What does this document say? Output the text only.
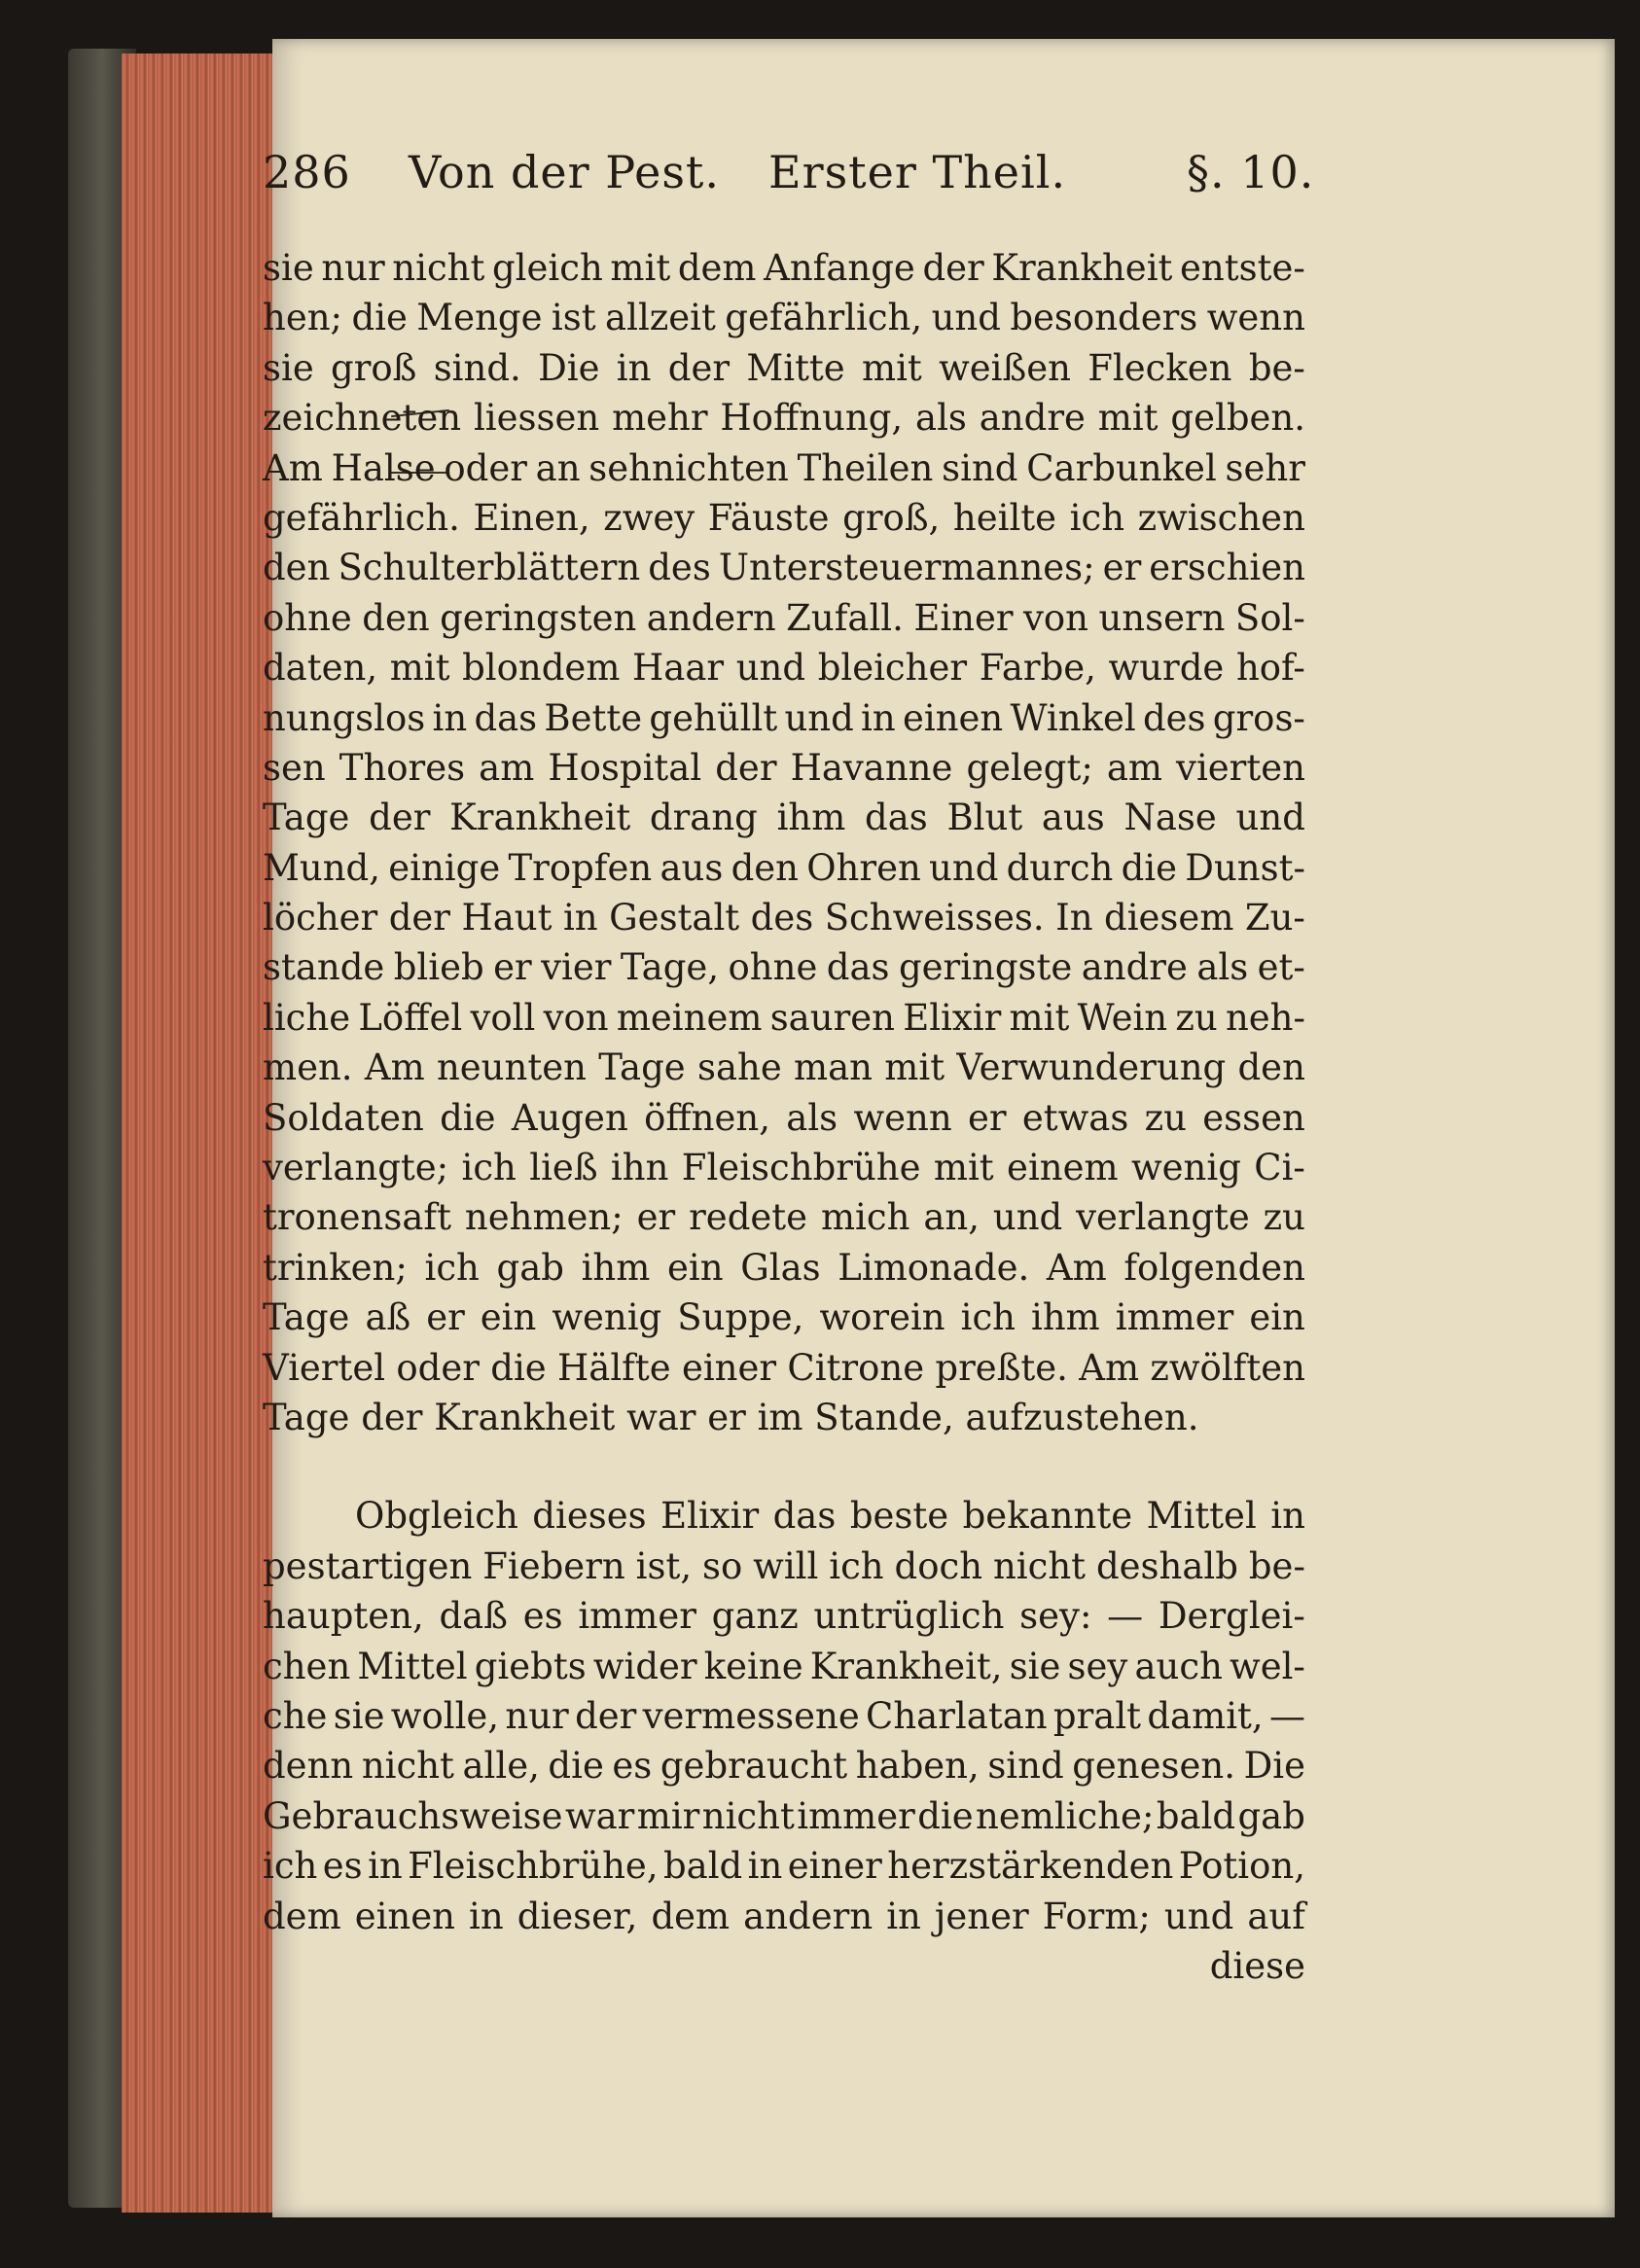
286 Von der Pest. Erster Theil.	§. 10.
sie nur nicht gleich mit dem Anfange der Krankheit entste-
hen; die Menge ist allzeit gefährlich, und besonders wenn
sie groß sind. Die in der Mitte mit weißen Flecken be-
zeichneten liessen mehr Hoffnung, als andre mit gelben.
Am Halse oder an sehnichten Theilen sind Carbunkel sehr
gefährlich. Einen, zwey Fäuste groß, heilte ich zwischen
den Schulterblättern des Untersteuermannes; er erschien
ohne den geringsten andern Zufall. Einer von unsern Sol-
daten, mit blondem Haar und bleicher Farbe, wurde hof-
nungslos in das Bette gehüllt und in einen Winkel des gros-
sen Thores am Hospital der Havanne gelegt; am vierten
Tage der Krankheit drang ihm das Blut aus Nase und
Mund, einige Tropfen aus den Ohren und durch die Dunst-
löcher der Haut in Gestalt des Schweisses. In diesem Zu-
stande blieb er vier Tage, ohne das geringste andre als et-
liche Löffel voll von meinem sauren Elixir mit Wein zu neh-
men. Am neunten Tage sahe man mit Verwunderung den
Soldaten die Augen öffnen, als wenn er etwas zu essen
verlangte; ich ließ ihn Fleischbrühe mit einem wenig Ci-
tronensaft nehmen; er redete mich an, und verlangte zu
trinken; ich gab ihm ein Glas Limonade. Am folgenden
Tage aß er ein wenig Suppe, worein ich ihm immer ein
Viertel oder die Hälfte einer Citrone preßte. Am zwölften
Tage der Krankheit war er im Stande, aufzustehen.
Obgleich dieses Elixir das beste bekannte Mittel in
pestartigen Fiebern ist, so will ich doch nicht deshalb be-
haupten, daß es immer ganz untrüglich sey: — Derglei-
chen Mittel giebts wider keine Krankheit, sie sey auch wel-
che sie wolle, nur der vermessene Charlatan pralt damit, —
denn nicht alle, die es gebraucht haben, sind genesen. Die
Gebrauchsweise war mir nicht immer die nemliche; bald gab
ich es in Fleischbrühe, bald in einer herzstärkenden Potion,
dem einen in dieser, dem andern in jener Form; und auf
diese
